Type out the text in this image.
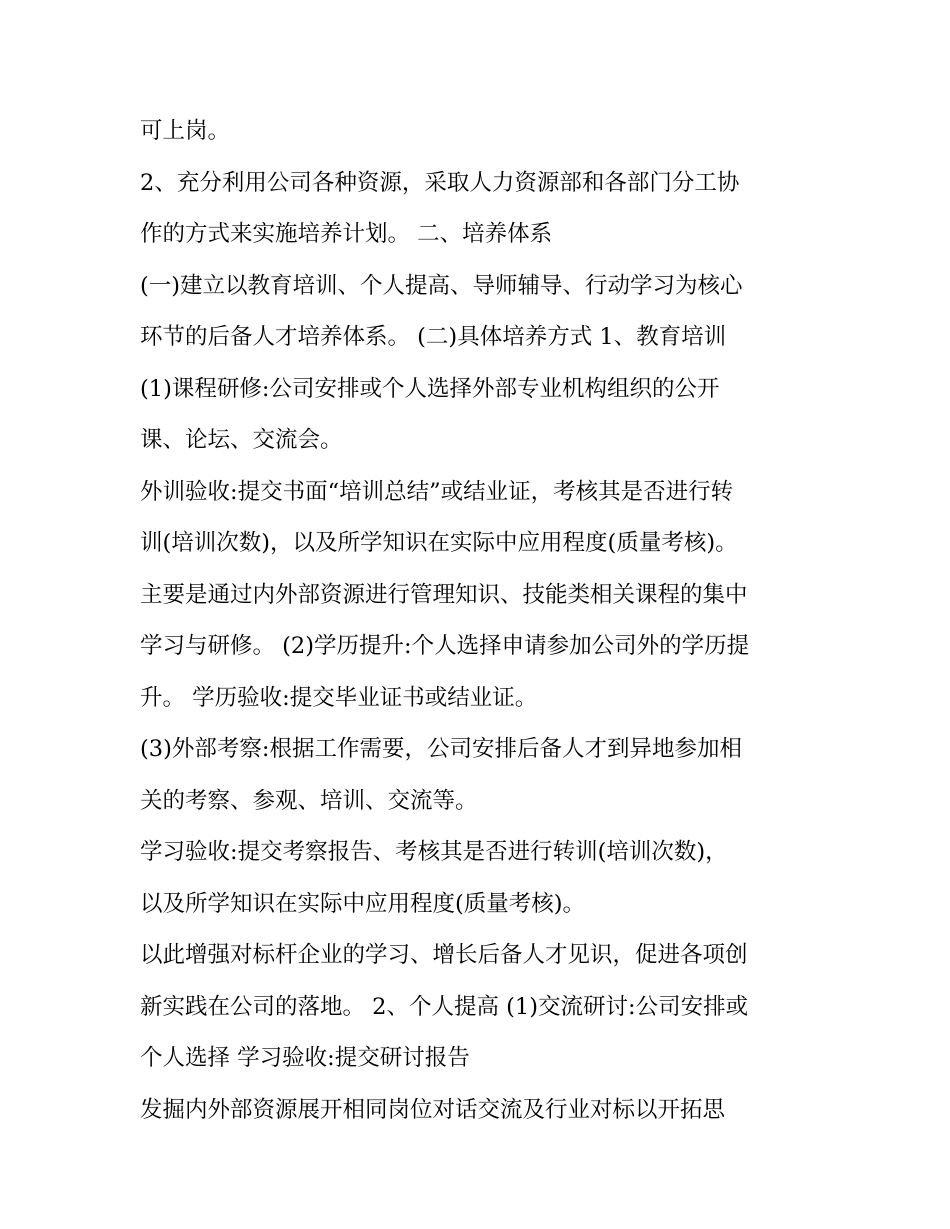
可上岗。
2、充分利用公司各种资源，采取人力资源部和各部门分工协
作的方式来实施培养计划。 二、培养体系
(一)建立以教育培训、个人提高、导师辅导、行动学习为核心
环节的后备人才培养体系。 (二)具体培养方式 1、教育培训
(1)课程研修:公司安排或个人选择外部专业机构组织的公开
课、论坛、交流会。
外训验收:提交书面“培训总结”或结业证，考核其是否进行转
训(培训次数)，以及所学知识在实际中应用程度(质量考核)。
主要是通过内外部资源进行管理知识、技能类相关课程的集中
学习与研修。 (2)学历提升:个人选择申请参加公司外的学历提
升。 学历验收:提交毕业证书或结业证。
(3)外部考察:根据工作需要，公司安排后备人才到异地参加相
关的考察、参观、培训、交流等。
学习验收:提交考察报告、考核其是否进行转训(培训次数)，
以及所学知识在实际中应用程度(质量考核)。
以此增强对标杆企业的学习、增长后备人才见识，促进各项创
新实践在公司的落地。 2、个人提高 (1)交流研讨:公司安排或
个人选择 学习验收:提交研讨报告
发掘内外部资源展开相同岗位对话交流及行业对标以开拓思
